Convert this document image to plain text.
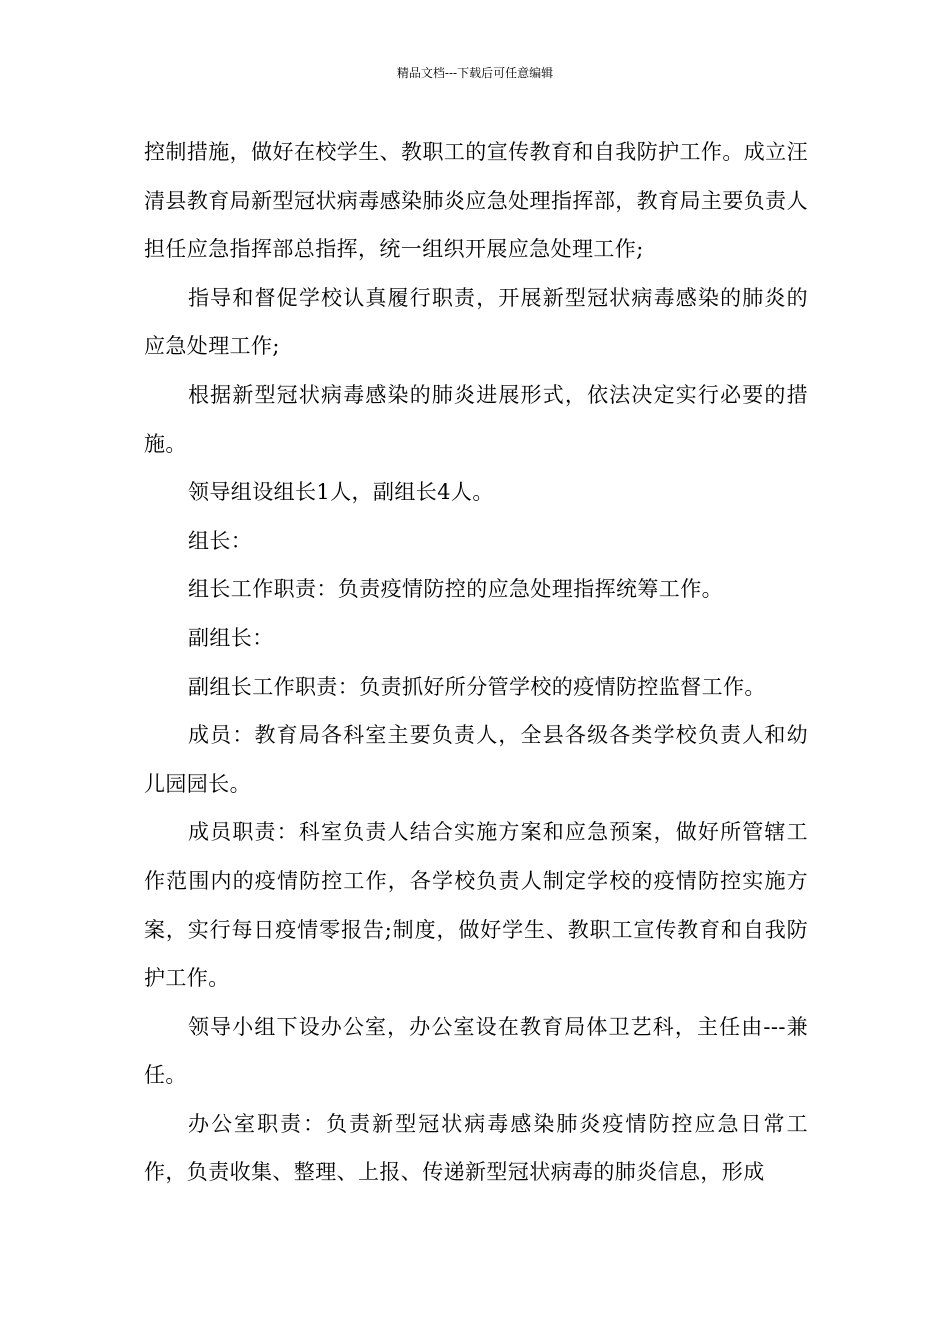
精品文档---下载后可任意编辑

控制措施，做好在校学生、教职工的宣传教育和自我防护工作。成立汪清县教育局新型冠状病毒感染肺炎应急处理指挥部，教育局主要负责人担任应急指挥部总指挥，统一组织开展应急处理工作;

指导和督促学校认真履行职责，开展新型冠状病毒感染的肺炎的应急处理工作;

根据新型冠状病毒感染的肺炎进展形式，依法决定实行必要的措施。

领导组设组长1人，副组长4人。

组长：

组长工作职责：负责疫情防控的应急处理指挥统筹工作。

副组长：

副组长工作职责：负责抓好所分管学校的疫情防控监督工作。

成员：教育局各科室主要负责人，全县各级各类学校负责人和幼儿园园长。

成员职责：科室负责人结合实施方案和应急预案，做好所管辖工作范围内的疫情防控工作，各学校负责人制定学校的疫情防控实施方案，实行每日疫情零报告;制度，做好学生、教职工宣传教育和自我防护工作。

领导小组下设办公室，办公室设在教育局体卫艺科，主任由---兼任。

办公室职责：负责新型冠状病毒感染肺炎疫情防控应急日常工作，负责收集、整理、上报、传递新型冠状病毒的肺炎信息，形成
